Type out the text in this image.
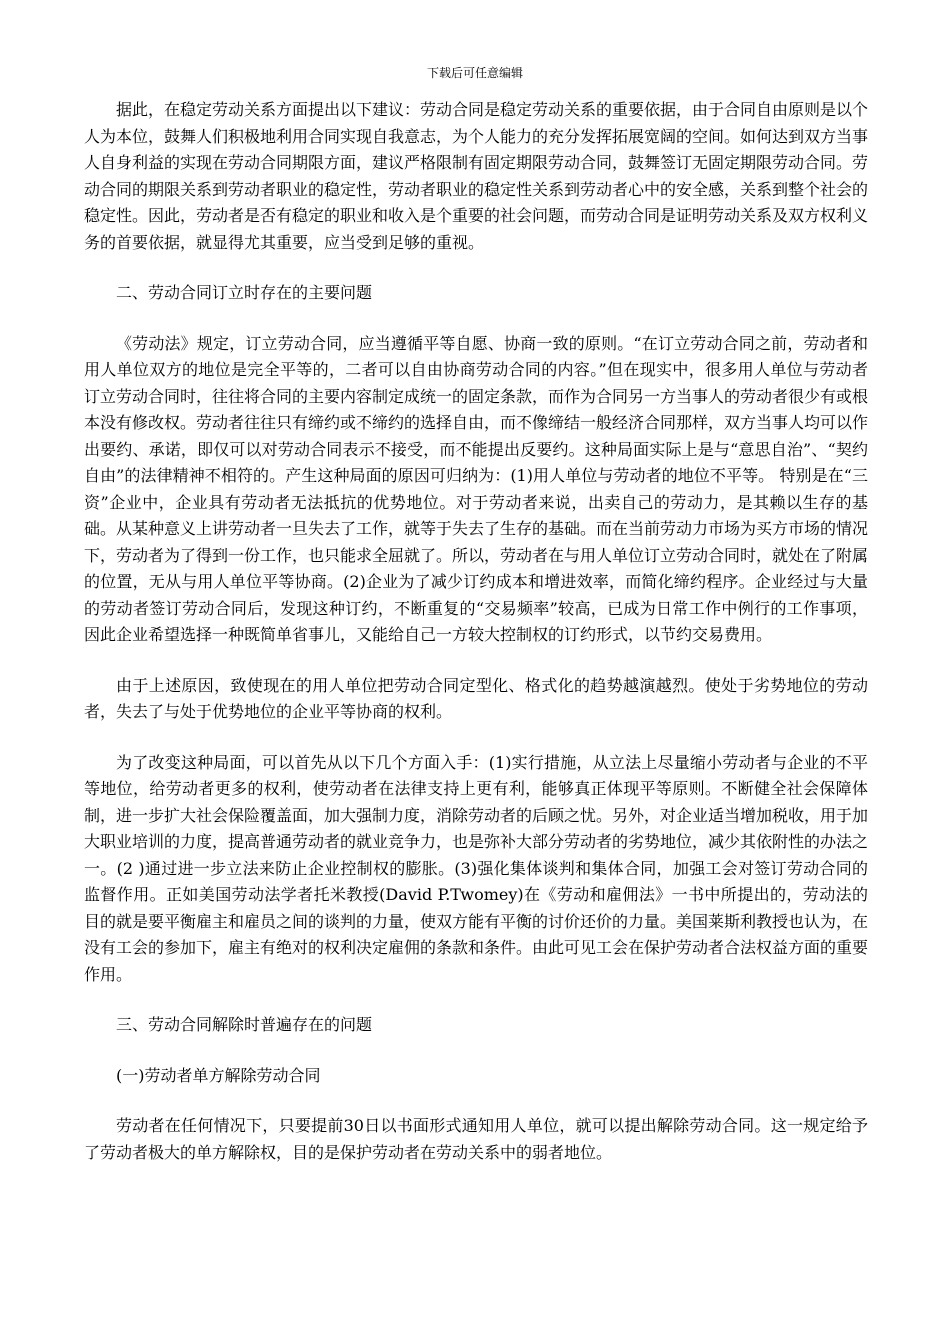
下载后可任意编辑

据此，在稳定劳动关系方面提出以下建议：劳动合同是稳定劳动关系的重要依据，由于合同自由原则是以个人为本位，鼓舞人们积极地利用合同实现自我意志，为个人能力的充分发挥拓展宽阔的空间。如何达到双方当事人自身利益的实现在劳动合同期限方面，建议严格限制有固定期限劳动合同，鼓舞签订无固定期限劳动合同。劳动合同的期限关系到劳动者职业的稳定性，劳动者职业的稳定性关系到劳动者心中的安全感，关系到整个社会的稳定性。因此，劳动者是否有稳定的职业和收入是个重要的社会问题，而劳动合同是证明劳动关系及双方权利义务的首要依据，就显得尤其重要，应当受到足够的重视。

二、劳动合同订立时存在的主要问题

《劳动法》规定，订立劳动合同，应当遵循平等自愿、协商一致的原则。“在订立劳动合同之前，劳动者和用人单位双方的地位是完全平等的，二者可以自由协商劳动合同的内容。”但在现实中，很多用人单位与劳动者订立劳动合同时，往往将合同的主要内容制定成统一的固定条款，而作为合同另一方当事人的劳动者很少有或根本没有修改权。劳动者往往只有缔约或不缔约的选择自由，而不像缔结一般经济合同那样，双方当事人均可以作出要约、承诺，即仅可以对劳动合同表示不接受，而不能提出反要约。这种局面实际上是与“意思自治”、“契约自由”的法律精神不相符的。产生这种局面的原因可归纳为：(1)用人单位与劳动者的地位不平等。 特别是在“三资”企业中，企业具有劳动者无法抵抗的优势地位。对于劳动者来说，出卖自己的劳动力，是其赖以生存的基础。从某种意义上讲劳动者一旦失去了工作，就等于失去了生存的基础。而在当前劳动力市场为买方市场的情况下，劳动者为了得到一份工作，也只能求全屈就了。所以，劳动者在与用人单位订立劳动合同时，就处在了附属的位置，无从与用人单位平等协商。(2)企业为了减少订约成本和增进效率，而简化缔约程序。企业经过与大量的劳动者签订劳动合同后，发现这种订约，不断重复的“交易频率”较高，已成为日常工作中例行的工作事项，因此企业希望选择一种既简单省事儿，又能给自己一方较大控制权的订约形式，以节约交易费用。

由于上述原因，致使现在的用人单位把劳动合同定型化、格式化的趋势越演越烈。使处于劣势地位的劳动者，失去了与处于优势地位的企业平等协商的权利。

为了改变这种局面，可以首先从以下几个方面入手：(1)实行措施，从立法上尽量缩小劳动者与企业的不平等地位，给劳动者更多的权利，使劳动者在法律支持上更有利，能够真正体现平等原则。不断健全社会保障体制，进一步扩大社会保险覆盖面，加大强制力度，消除劳动者的后顾之忧。另外，对企业适当增加税收，用于加大职业培训的力度，提高普通劳动者的就业竞争力，也是弥补大部分劳动者的劣势地位，减少其依附性的办法之一。(2 )通过进一步立法来防止企业控制权的膨胀。(3)强化集体谈判和集体合同，加强工会对签订劳动合同的监督作用。正如美国劳动法学者托米教授(David P.Twomey)在《劳动和雇佣法》一书中所提出的，劳动法的目的就是要平衡雇主和雇员之间的谈判的力量，使双方能有平衡的讨价还价的力量。美国莱斯利教授也认为，在没有工会的参加下，雇主有绝对的权利决定雇佣的条款和条件。由此可见工会在保护劳动者合法权益方面的重要作用。

三、劳动合同解除时普遍存在的问题

(一)劳动者单方解除劳动合同

劳动者在任何情况下，只要提前30日以书面形式通知用人单位，就可以提出解除劳动合同。这一规定给予了劳动者极大的单方解除权，目的是保护劳动者在劳动关系中的弱者地位。
